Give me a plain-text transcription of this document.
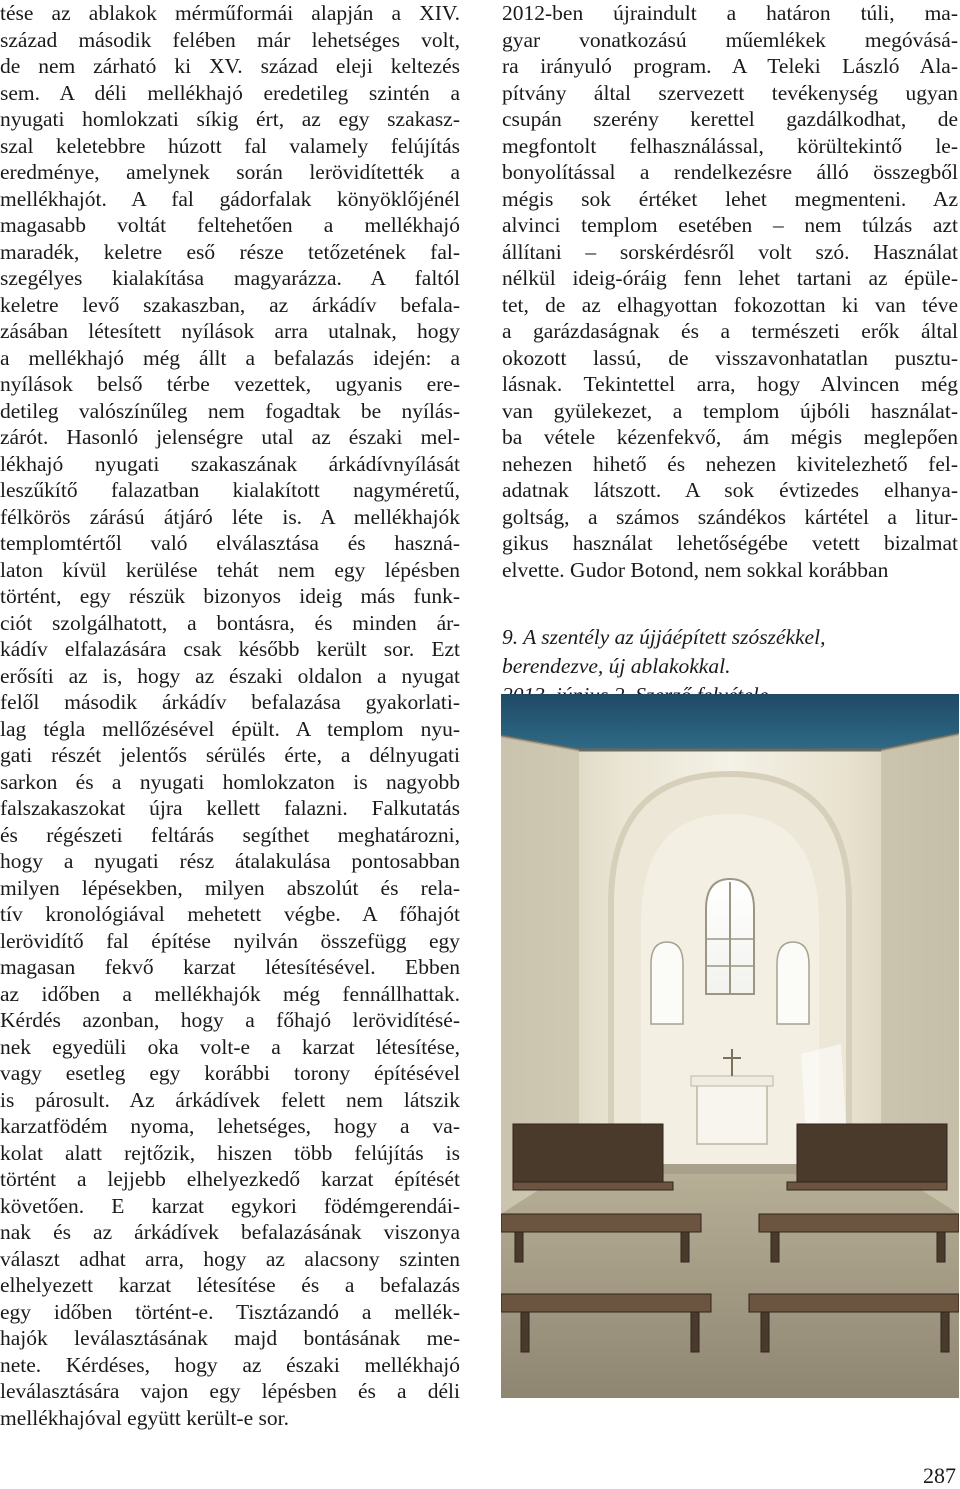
tése az ablakok mérműformái alapján a XIV.
század második felében már lehetséges volt,
de nem zárható ki XV. század eleji keltezés
sem. A déli mellékhajó eredetileg szintén a
nyugati homlokzati síkig ért, az egy szakasz-
szal keletebbre húzott fal valamely felújítás
eredménye, amelynek során lerövidítették a
mellékhajót. A fal gádorfalak könyöklőjénél
magasabb voltát feltehetően a mellékhajó
maradék, keletre eső része tetőzetének fal-
szegélyes kialakítása magyarázza. A faltól
keletre levő szakaszban, az árkádív befala-
zásában létesített nyílások arra utalnak, hogy
a mellékhajó még állt a befalazás idején: a
nyílások belső térbe vezettek, ugyanis ere-
detileg valószínűleg nem fogadtak be nyílás-
zárót. Hasonló jelenségre utal az északi mel-
lékhajó nyugati szakaszának árkádívnyílását
leszűkítő falazatban kialakított nagyméretű,
félkörös zárású átjáró léte is. A mellékhajók
templomtértől való elválasztása és haszná-
laton kívül kerülése tehát nem egy lépésben
történt, egy részük bizonyos ideig más funk-
ciót szolgálhatott, a bontásra, és minden ár-
kádív elfalazására csak később került sor. Ezt
erősíti az is, hogy az északi oldalon a nyugat
felől második árkádív befalazása gyakorlati-
lag tégla mellőzésével épült. A templom nyu-
gati részét jelentős sérülés érte, a délnyugati
sarkon és a nyugati homlokzaton is nagyobb
falszakaszokat újra kellett falazni. Falkutatás
és régészeti feltárás segíthet meghatározni,
hogy a nyugati rész átalakulása pontosabban
milyen lépésekben, milyen abszolút és rela-
tív kronológiával mehetett végbe. A főhajót
lerövidítő fal építése nyilván összefügg egy
magasan fekvő karzat létesítésével. Ebben
az időben a mellékhajók még fennállhattak.
Kérdés azonban, hogy a főhajó lerövidítésé-
nek egyedüli oka volt-e a karzat létesítése,
vagy esetleg egy korábbi torony építésével
is párosult. Az árkádívek felett nem látszik
karzatfödém nyoma, lehetséges, hogy a va-
kolat alatt rejtőzik, hiszen több felújítás is
történt a lejjebb elhelyezkedő karzat építését
követően. E karzat egykori födémgerendái-
nak és az árkádívek befalazásának viszonya
választ adhat arra, hogy az alacsony szinten
elhelyezett karzat létesítése és a befalazás
egy időben történt-e. Tisztázandó a mellék-
hajók leválasztásának majd bontásának me-
nete. Kérdéses, hogy az északi mellékhajó
leválasztására vajon egy lépésben és a déli
mellékhajóval együtt került-e sor.
2012-ben újraindult a határon túli, ma-
gyar vonatkozású műemlékek megóvásá-
ra irányuló program. A Teleki László Ala-
pítvány által szervezett tevékenység ugyan
csupán szerény kerettel gazdálkodhat, de
megfontolt felhasználással, körültekintő le-
bonyolítással a rendelkezésre álló összegből
mégis sok értéket lehet megmenteni. Az
alvinci templom esetében – nem túlzás azt
állítani – sorskérdésről volt szó. Használat
nélkül ideig-óráig fenn lehet tartani az épüle-
tet, de az elhagyottan fokozottan ki van téve
a garázdaságnak és a természeti erők által
okozott lassú, de visszavonhatatlan pusztu-
lásnak. Tekintettel arra, hogy Alvincen még
van gyülekezet, a templom újbóli használat-
ba vétele kézenfekvő, ám mégis meglepően
nehezen hihető és nehezen kivitelezhető fel-
adatnak látszott. A sok évtizedes elhanya-
goltság, a számos szándékos kártétel a litur-
gikus használat lehetőségébe vetett bizalmat
elvette. Gudor Botond, nem sokkal korábban
9. A szentély az újjáépített szószékkel,
berendezve, új ablakokkal.
287
